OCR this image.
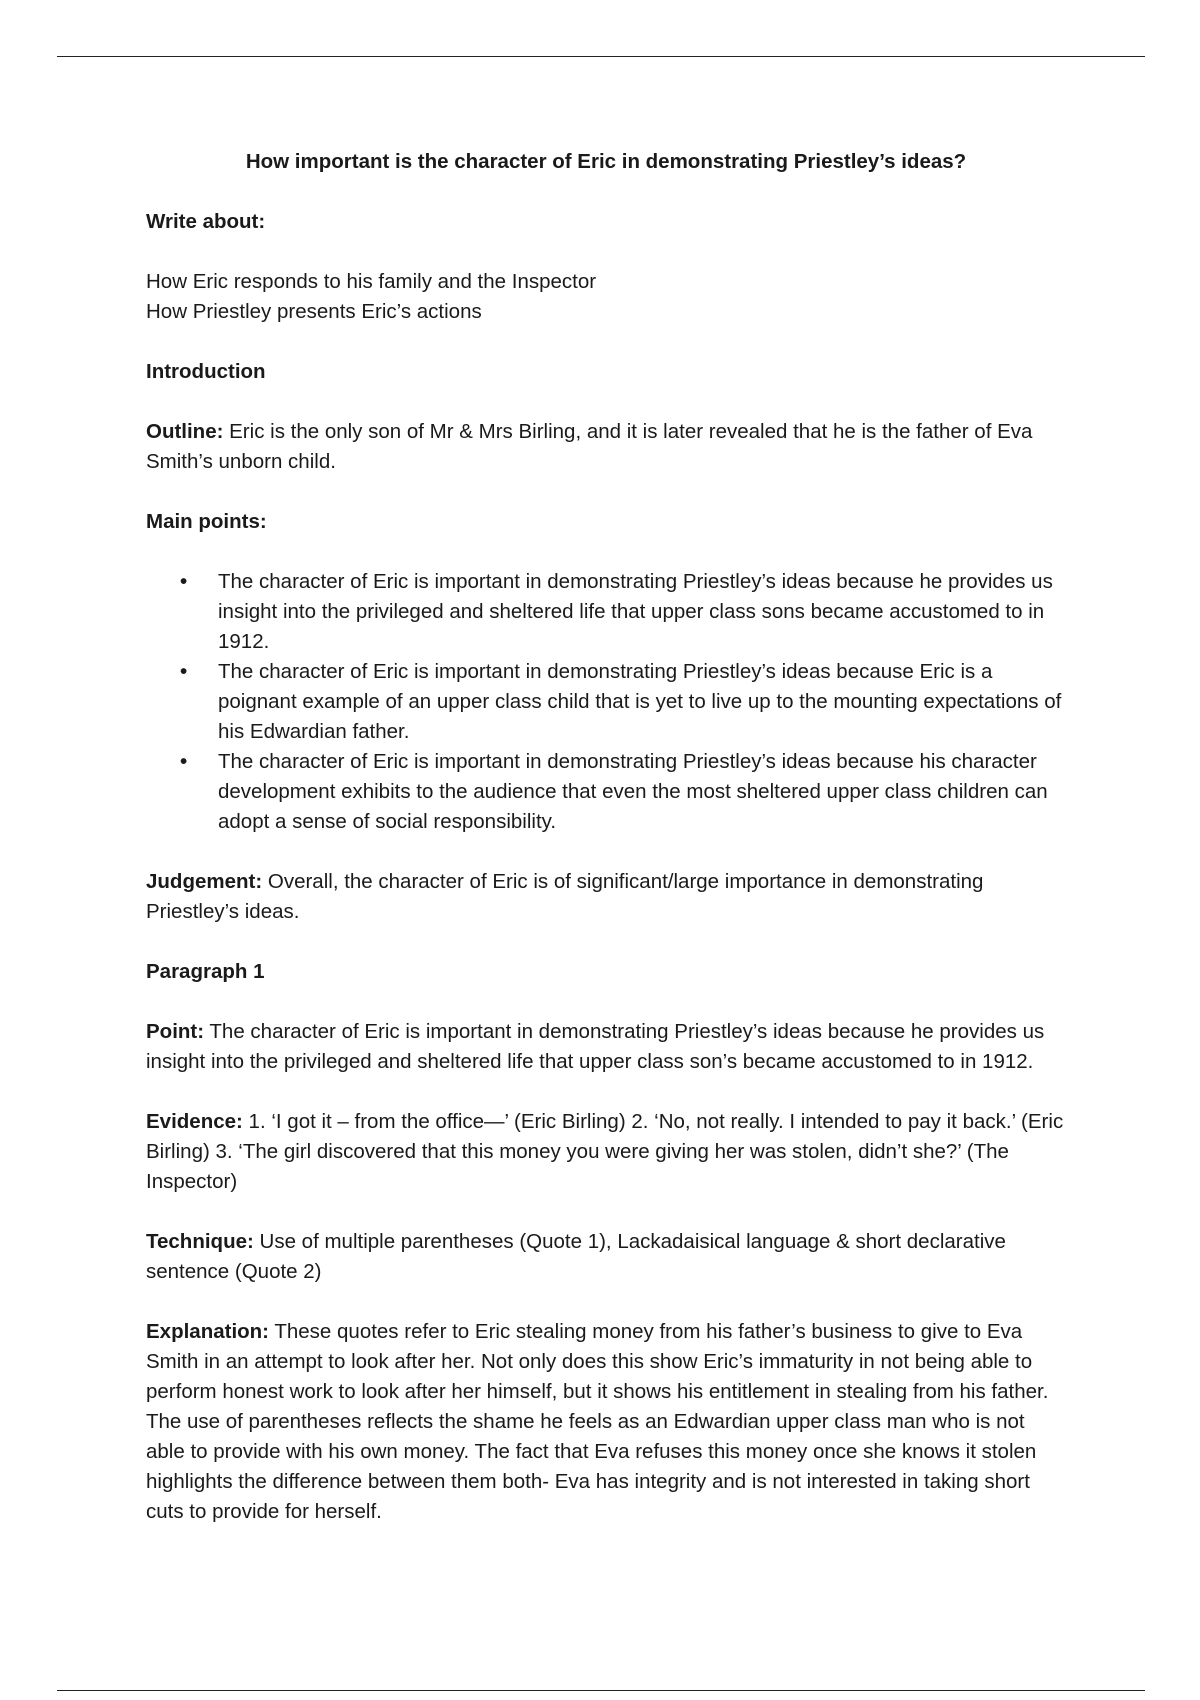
How important is the character of Eric in demonstrating Priestley’s ideas?

Write about:

How Eric responds to his family and the Inspector

How Priestley presents Eric’s actions

Introduction

Outline: Eric is the only son of Mr & Mrs Birling, and it is later revealed that he is the father of Eva Smith’s unborn child.

Main points:

• The character of Eric is important in demonstrating Priestley’s ideas because he provides us insight into the privileged and sheltered life that upper class sons became accustomed to in 1912.
• The character of Eric is important in demonstrating Priestley’s ideas because Eric is a poignant example of an upper class child that is yet to live up to the mounting expectations of his Edwardian father.
• The character of Eric is important in demonstrating Priestley’s ideas because his character development exhibits to the audience that even the most sheltered upper class children can adopt a sense of social responsibility.

Judgement: Overall, the character of Eric is of significant/large importance in demonstrating Priestley’s ideas.

Paragraph 1

Point: The character of Eric is important in demonstrating Priestley’s ideas because he provides us insight into the privileged and sheltered life that upper class son’s became accustomed to in 1912.

Evidence: 1. ‘I got it – from the office—’ (Eric Birling) 2. ‘No, not really. I intended to pay it back.’ (Eric Birling) 3. ‘The girl discovered that this money you were giving her was stolen, didn’t she?’ (The Inspector)

Technique: Use of multiple parentheses (Quote 1), Lackadaisical language & short declarative sentence (Quote 2)

Explanation: These quotes refer to Eric stealing money from his father’s business to give to Eva Smith in an attempt to look after her. Not only does this show Eric’s immaturity in not being able to perform honest work to look after her himself, but it shows his entitlement in stealing from his father. The use of parentheses reflects the shame he feels as an Edwardian upper class man who is not able to provide with his own money. The fact that Eva refuses this money once she knows it stolen highlights the difference between them both- Eva has integrity and is not interested in taking short cuts to provide for herself.
